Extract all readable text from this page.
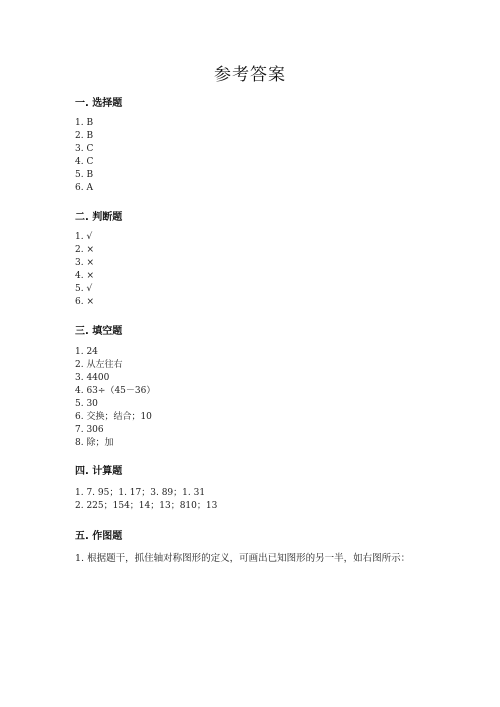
参考答案
一. 选择题
1. B
2. B
3. C
4. C
5. B
6. A
二. 判断题
1. √
2. ×
3. ×
4. ×
5. √
6. ×
三. 填空题
1. 24
2. 从左往右
3. 4400
4. 63÷（45－36）
5. 30
6. 交换；结合；10
7. 306
8. 除；加
四. 计算题
1. 7. 95；1. 17；3. 89；1. 31
2. 225；154；14；13；810；13
五. 作图题
1. 根据题干，抓住轴对称图形的定义，可画出已知图形的另一半，如右图所示：
